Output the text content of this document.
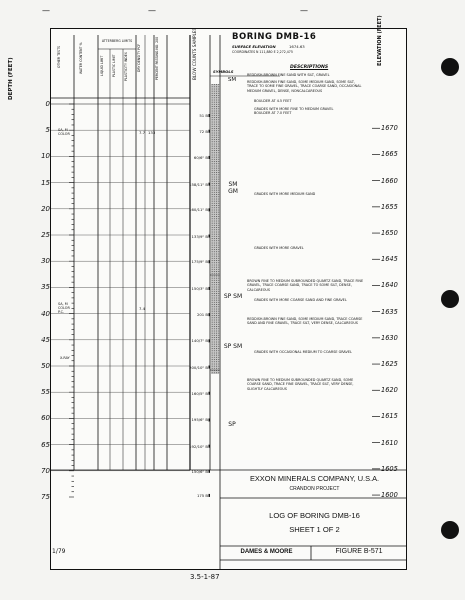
—	—	—
DEPTH (FEET)
OTHER TESTS	WATER CONTENT %
ATTERBERG LIMITS
LIQUID LIMIT	PLASTIC LIMIT	PLASTICITY INDEX	DRY DENSITY PCF	PERCENT PASSING NO. 200	BLOW COUNTS SAMPLES	BORING DMB-16
SURFACE ELEVATION	1674.63
COORDINATES N 111,880 E 2,272,475
SYMBOLS
DESCRIPTIONS
ELEVATION (FEET)
0
5
10
15
20
25
30
35
40
45
50
55
60
65
70
75
1670
1665
1660
1655
1650
1645
1640
1635
1630
1625
1620
1615
1610
1605
1600
SA, M COLOR
SA, M COLOR P.C.
X-RAY
7.7 133
7.4
51 B
72 B
60/6" B
158/11" B
160/11" B
133/9" B
175/9" B
150/3" B
201 B
140/7" B
200/10" B
160/5" B
195/6" B
192/10" B
150/6" B
175 B
SM
SM GM
SP SM
SP SM
SP
REDDISH-BROWN FINE SAND WITH SILT, GRAVEL
REDDISH-BROWN FINE SAND, SOME MEDIUM SAND, SOME SILT, TRACE TO SOME FINE GRAVEL, TRACE COARSE SAND, OCCASIONAL MEDIUM GRAVEL, DENSE, NONCALCAREOUS
BOULDER AT 4.5 FEET
GRADES WITH MORE FINE TO MEDIUM GRAVEL BOULDER AT 7.0 FEET
GRADES WITH MORE MEDIUM SAND
GRADES WITH MORE GRAVEL
BROWN FINE TO MEDIUM SUBROUNDED QUARTZ SAND, TRACE FINE GRAVEL, TRACE COARSE SAND, TRACE TO SOME SILT, DENSE, CALCAREOUS
GRADES WITH MORE COARSE SAND AND FINE GRAVEL
REDDISH-BROWN FINE SAND, SOME MEDIUM SAND, TRACE COARSE SAND AND FINE GRAVEL, TRACE SILT, VERY DENSE, CALCAREOUS
GRADES WITH OCCASIONAL MEDIUM TO COARSE GRAVEL
BROWN FINE TO MEDIUM SUBROUNDED QUARTZ SAND, SOME COARSE SAND, TRACE FINE GRAVEL, TRACE SILT, VERY DENSE, SLIGHTLY CALCAREOUS
EXXON MINERALS COMPANY, U.S.A.
CRANDON PROJECT
LOG OF BORING DMB-16
SHEET 1 OF 2
DAMES & MOORE	FIGURE B-571
1/79
3.5-1-87
